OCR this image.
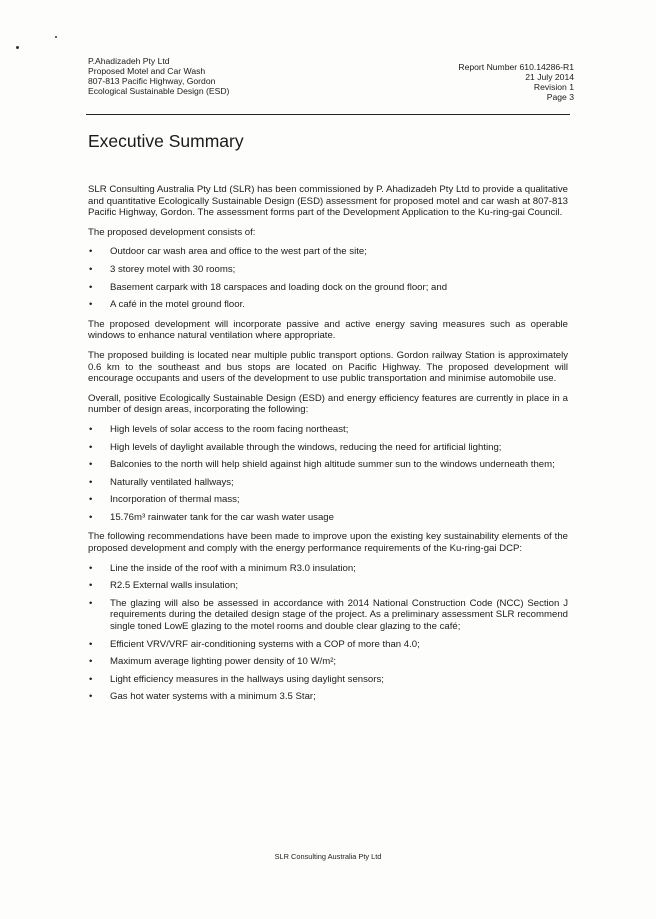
P.Ahadizadeh Pty Ltd
Proposed Motel and Car Wash
807-813 Pacific Highway, Gordon
Ecological Sustainable Design (ESD)
Report Number 610.14286-R1
21 July 2014
Revision 1
Page 3
Executive Summary

SLR Consulting Australia Pty Ltd (SLR) has been commissioned by P. Ahadizadeh Pty Ltd to provide a qualitative and quantitative Ecologically Sustainable Design (ESD) assessment for proposed motel and car wash at 807-813 Pacific Highway, Gordon. The assessment forms part of the Development Application to the Ku-ring-gai Council.

The proposed development consists of:

• Outdoor car wash area and office to the west part of the site;
• 3 storey motel with 30 rooms;
• Basement carpark with 18 carspaces and loading dock on the ground floor; and
• A café in the motel ground floor.

The proposed development will incorporate passive and active energy saving measures such as operable windows to enhance natural ventilation where appropriate.

The proposed building is located near multiple public transport options. Gordon railway Station is approximately 0.6 km to the southeast and bus stops are located on Pacific Highway. The proposed development will encourage occupants and users of the development to use public transportation and minimise automobile use.

Overall, positive Ecologically Sustainable Design (ESD) and energy efficiency features are currently in place in a number of design areas, incorporating the following:

• High levels of solar access to the room facing northeast;
• High levels of daylight available through the windows, reducing the need for artificial lighting;
• Balconies to the north will help shield against high altitude summer sun to the windows underneath them;
• Naturally ventilated hallways;
• Incorporation of thermal mass;
• 15.76m³ rainwater tank for the car wash water usage

The following recommendations have been made to improve upon the existing key sustainability elements of the proposed development and comply with the energy performance requirements of the Ku-ring-gai DCP:

• Line the inside of the roof with a minimum R3.0 insulation;
• R2.5 External walls insulation;
• The glazing will also be assessed in accordance with 2014 National Construction Code (NCC) Section J requirements during the detailed design stage of the project. As a preliminary assessment SLR recommend single toned LowE glazing to the motel rooms and double clear glazing to the café;
• Efficient VRV/VRF air-conditioning systems with a COP of more than 4.0;
• Maximum average lighting power density of 10 W/m²;
• Light efficiency measures in the hallways using daylight sensors;
• Gas hot water systems with a minimum 3.5 Star;
SLR Consulting Australia Pty Ltd
